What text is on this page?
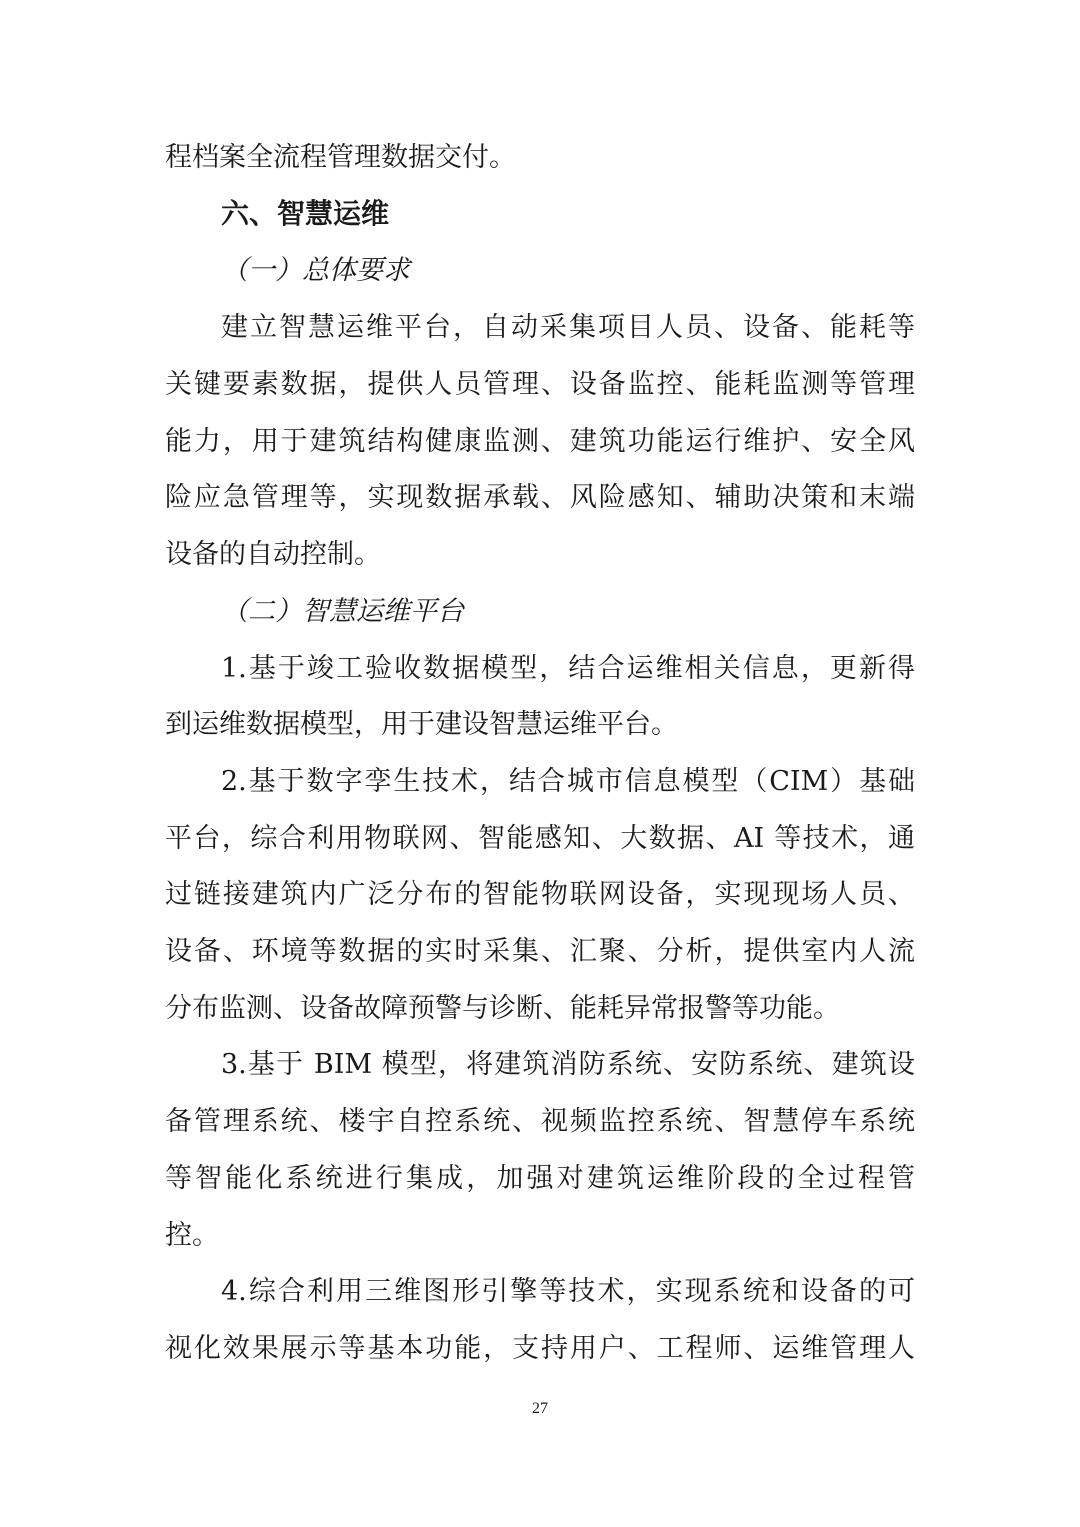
程档案全流程管理数据交付。
六、智慧运维
（一）总体要求
建立智慧运维平台，自动采集项目人员、设备、能耗等
关键要素数据，提供人员管理、设备监控、能耗监测等管理
能力，用于建筑结构健康监测、建筑功能运行维护、安全风
险应急管理等，实现数据承载、风险感知、辅助决策和末端
设备的自动控制。
（二）智慧运维平台
1.基于竣工验收数据模型，结合运维相关信息，更新得
到运维数据模型，用于建设智慧运维平台。
2.基于数字孪生技术，结合城市信息模型（CIM）基础
平台，综合利用物联网、智能感知、大数据、AI 等技术，通
过链接建筑内广泛分布的智能物联网设备，实现现场人员、
设备、环境等数据的实时采集、汇聚、分析，提供室内人流
分布监测、设备故障预警与诊断、能耗异常报警等功能。
3.基于 BIM 模型，将建筑消防系统、安防系统、建筑设
备管理系统、楼宇自控系统、视频监控系统、智慧停车系统
等智能化系统进行集成，加强对建筑运维阶段的全过程管
控。
4.综合利用三维图形引擎等技术，实现系统和设备的可
视化效果展示等基本功能，支持用户、工程师、运维管理人
27
